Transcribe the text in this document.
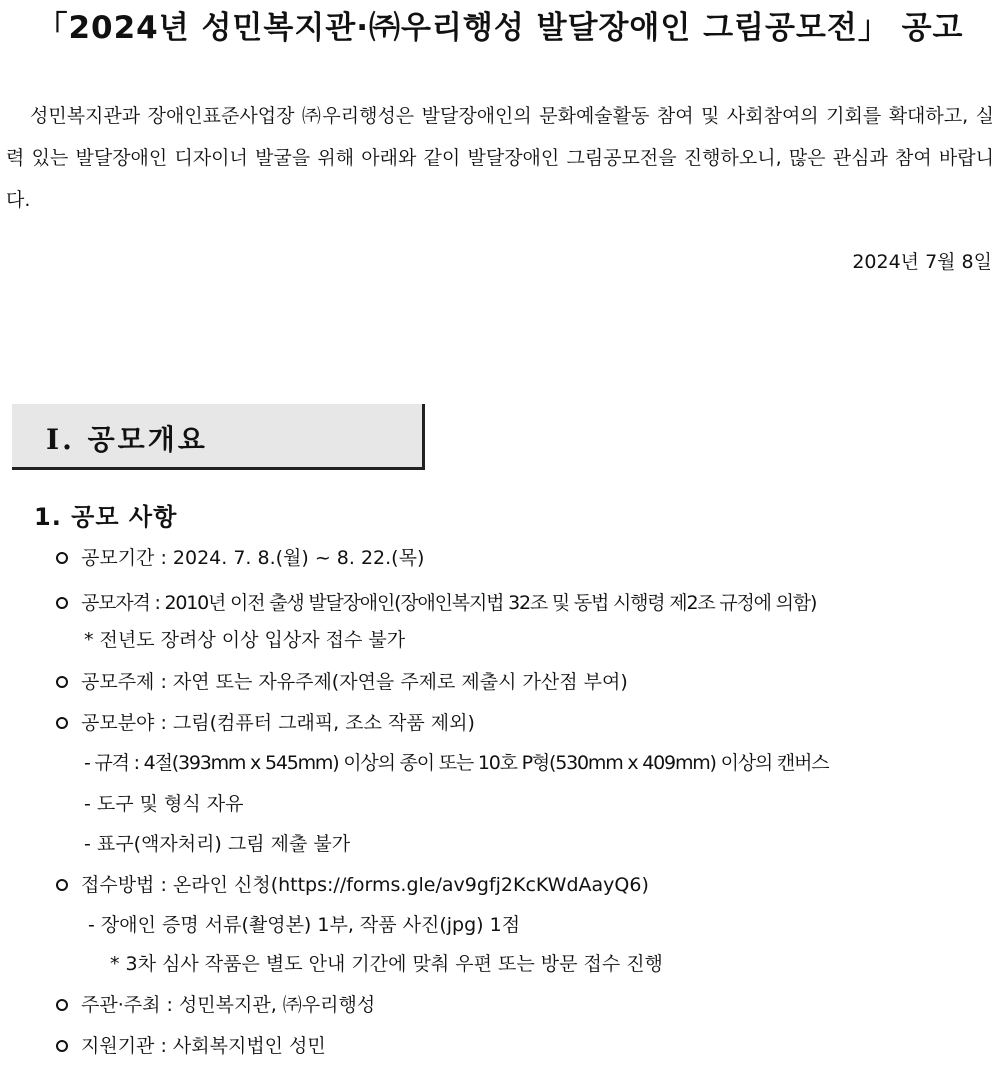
「2024년 성민복지관·㈜우리행성 발달장애인 그림공모전」 공고

성민복지관과 장애인표준사업장 ㈜우리행성은 발달장애인의 문화예술활동 참여 및 사회참여의 기회를 확대하고, 실력 있는 발달장애인 디자이너 발굴을 위해 아래와 같이 발달장애인 그림공모전을 진행하오니, 많은 관심과 참여 바랍니다.

2024년 7월 8일
Ⅰ. 공모개요
1. 공모 사항
공모기간 : 2024. 7. 8.(월) ~ 8. 22.(목)
공모자격 : 2010년 이전 출생 발달장애인(장애인복지법 32조 및 동법 시행령 제2조 규정에 의함)
* 전년도 장려상 이상 입상자 접수 불가
공모주제 : 자연 또는 자유주제(자연을 주제로 제출시 가산점 부여)
공모분야 : 그림(컴퓨터 그래픽, 조소 작품 제외)
- 규격 : 4절(393mm x 545mm) 이상의 종이 또는 10호 P형(530mm x 409mm) 이상의 캔버스
- 도구 및 형식 자유
- 표구(액자처리) 그림 제출 불가
접수방법 : 온라인 신청(https://forms.gle/av9gfj2KcKWdAayQ6)
- 장애인 증명 서류(촬영본) 1부, 작품 사진(jpg) 1점
* 3차 심사 작품은 별도 안내 기간에 맞춰 우편 또는 방문 접수 진행
주관·주최 : 성민복지관, ㈜우리행성
지원기관 : 사회복지법인 성민
